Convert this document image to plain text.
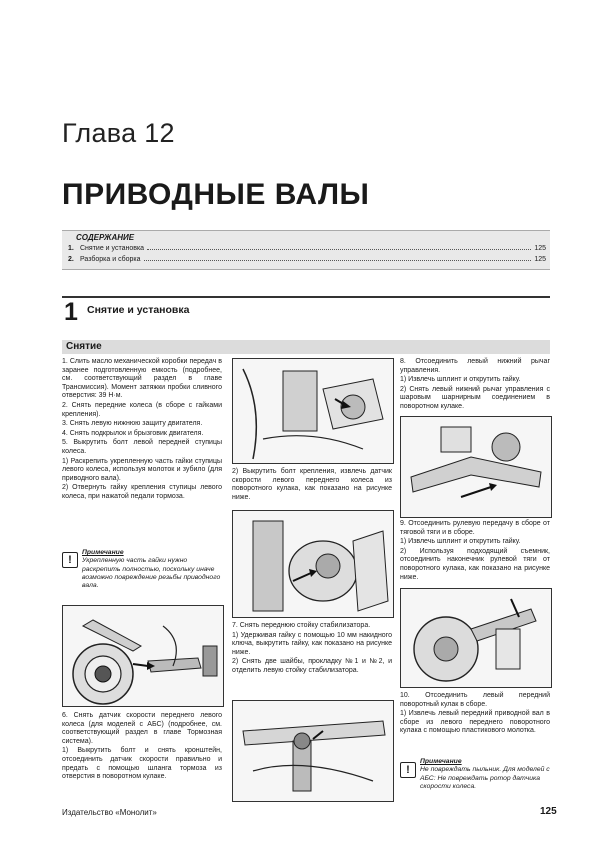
Глава 12
ПРИВОДНЫЕ ВАЛЫ
СОДЕРЖАНИЕ
1. Снятие и установка	125
2. Разборка и сборка	125
1 Снятие и установка
Снятие

1. Слить масло механической коробки передач в заранее подготовленную емкость (подробнее, см. соответствующий раздел в главе Трансмиссия). Момент затяжки пробки сливного отверстия: 39 Н·м.

2. Снять передние колеса (в сборе с гайками крепления).

3. Снять левую нижнюю защиту двигателя.

4. Снять подкрылок и брызговик двигателя.

5. Выкрутить болт левой передней ступицы колеса.

1) Раскрепить укрепленную часть гайки ступицы левого колеса, используя молоток и зубило (для приводного вала).

2) Отвернуть гайку крепления ступицы левого колеса, при нажатой педали тормоза.

!
Примечание
Укрепленную часть гайки нужно раскрепить полностью, поскольку иначе возможно повреждение резьбы приводного вала.

6. Снять датчик скорости переднего левого колеса (для моделей с АБС) (подробнее, см. соответствующий раздел в главе Тормозная система).

1) Выкрутить болт и снять кронштейн, отсоединить датчик скорости правильно и предать с помощью шланга тормоза из отверстия в поворотном кулаке.

2) Выкрутить болт крепления, извлечь датчик скорости левого переднего колеса из поворотного кулака, как показано на рисунке ниже.

7. Снять переднюю стойку стабилизатора.

1) Удерживая гайку с помощью 10 мм накидного ключа, выкрутить гайку, как показано на рисунке ниже.

2) Снять две шайбы, прокладку №1 и №2, и отделить левую стойку стабилизатора.

8. Отсоединить левый нижний рычаг управления.

1) Извлечь шплинт и открутить гайку.

2) Снять левый нижний рычаг управления с шаровым шарнирным соединением в поворотном кулаке.

9. Отсоединить рулевую передачу в сборе от тяговой тяги и в сборе.

1) Извлечь шплинт и открутить гайку.

2) Используя подходящий съемник, отсоединить наконечник рулевой тяги от поворотного кулака, как показано на рисунке ниже.

10. Отсоединить левый передний поворотный кулак в сборе.

1) Извлечь левый передний приводной вал в сборе из левого переднего поворотного кулака с помощью пластикового молотка.

!
Примечание
Не повреждать пыльник. Для моделей с АБС: Не повреждать ротор датчика скорости колеса.
Издательство «Монолит»	125
